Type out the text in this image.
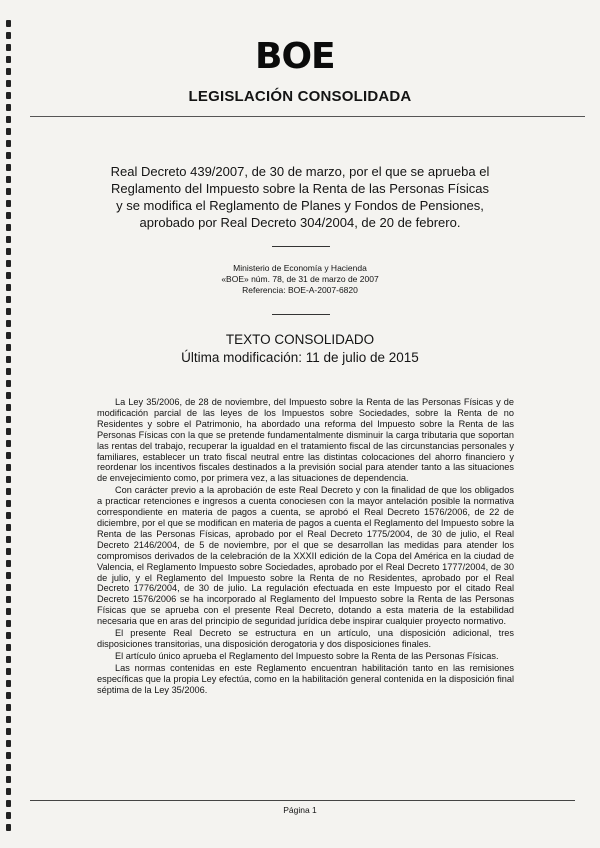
BOE
LEGISLACIÓN CONSOLIDADA
Real Decreto 439/2007, de 30 de marzo, por el que se aprueba el Reglamento del Impuesto sobre la Renta de las Personas Físicas y se modifica el Reglamento de Planes y Fondos de Pensiones, aprobado por Real Decreto 304/2004, de 20 de febrero.
Ministerio de Economía y Hacienda
«BOE» núm. 78, de 31 de marzo de 2007
Referencia: BOE-A-2007-6820
TEXTO CONSOLIDADO
Última modificación: 11 de julio de 2015

La Ley 35/2006, de 28 de noviembre, del Impuesto sobre la Renta de las Personas Físicas y de modificación parcial de las leyes de los Impuestos sobre Sociedades, sobre la Renta de no Residentes y sobre el Patrimonio, ha abordado una reforma del Impuesto sobre la Renta de las Personas Físicas con la que se pretende fundamentalmente disminuir la carga tributaria que soportan las rentas del trabajo, recuperar la igualdad en el tratamiento fiscal de las circunstancias personales y familiares, establecer un trato fiscal neutral entre las distintas colocaciones del ahorro financiero y reordenar los incentivos fiscales destinados a la previsión social para atender tanto a las situaciones de envejecimiento como, por primera vez, a las situaciones de dependencia.

Con carácter previo a la aprobación de este Real Decreto y con la finalidad de que los obligados a practicar retenciones e ingresos a cuenta conociesen con la mayor antelación posible la normativa correspondiente en materia de pagos a cuenta, se aprobó el Real Decreto 1576/2006, de 22 de diciembre, por el que se modifican en materia de pagos a cuenta el Reglamento del Impuesto sobre la Renta de las Personas Físicas, aprobado por el Real Decreto 1775/2004, de 30 de julio, el Real Decreto 2146/2004, de 5 de noviembre, por el que se desarrollan las medidas para atender los compromisos derivados de la celebración de la XXXII edición de la Copa del América en la ciudad de Valencia, el Reglamento Impuesto sobre Sociedades, aprobado por el Real Decreto 1777/2004, de 30 de julio, y el Reglamento del Impuesto sobre la Renta de no Residentes, aprobado por el Real Decreto 1776/2004, de 30 de julio. La regulación efectuada en este Impuesto por el citado Real Decreto 1576/2006 se ha incorporado al Reglamento del Impuesto sobre la Renta de las Personas Físicas que se aprueba con el presente Real Decreto, dotando a esta materia de la estabilidad necesaria que en aras del principio de seguridad jurídica debe inspirar cualquier proyecto normativo.

El presente Real Decreto se estructura en un artículo, una disposición adicional, tres disposiciones transitorias, una disposición derogatoria y dos disposiciones finales.

El artículo único aprueba el Reglamento del Impuesto sobre la Renta de las Personas Físicas.

Las normas contenidas en este Reglamento encuentran habilitación tanto en las remisiones específicas que la propia Ley efectúa, como en la habilitación general contenida en la disposición final séptima de la Ley 35/2006.

Página 1
